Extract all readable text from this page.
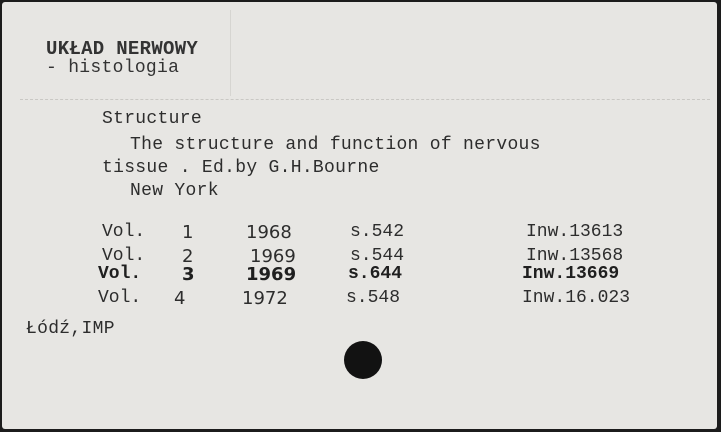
UKŁAD NERWOWY
- histologia
Structure
The structure and function of nervous
tissue . Ed.by G.H.Bourne
New York
Vol. 1	1968	s.542	Inw.13613
Vol. 2	1969	s.544	Inw.13568
Vol. 3	1969	s.644	Inw.13669
Vol. 4	1972	s.548	Inw.16.023
Łódź,IMP
